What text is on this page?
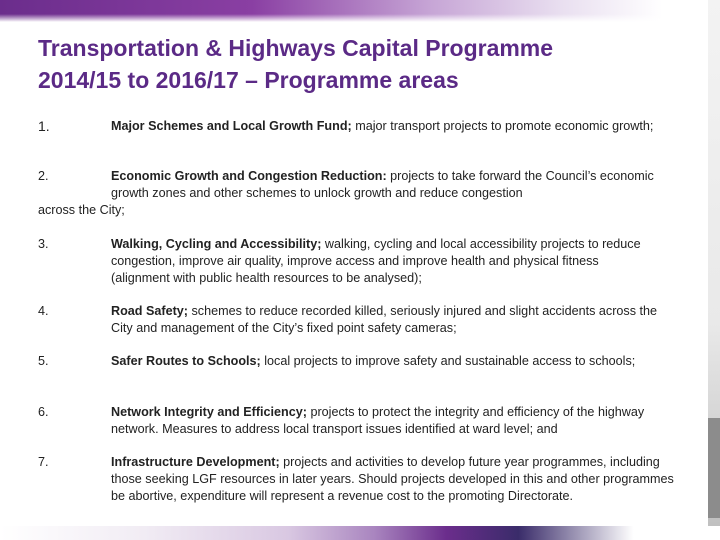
Transportation & Highways Capital Programme
2014/15 to 2016/17 – Programme areas
1.	Major Schemes and Local Growth Fund; major transport projects to promote economic growth;
2.	Economic Growth and Congestion Reduction: projects to take forward the Council’s economic growth zones and other schemes to unlock growth and reduce congestion
across the City;
3.	Walking, Cycling and Accessibility; walking, cycling and local accessibility projects to reduce congestion, improve air quality, improve access and improve health and physical fitness (alignment with public health resources to be analysed);
4.	Road Safety; schemes to reduce recorded killed, seriously injured and slight accidents across the City and management of the City’s fixed point safety cameras;
5.	Safer Routes to Schools; local projects to improve safety and sustainable access to schools;
6.	Network Integrity and Efficiency; projects to protect the integrity and efficiency of the highway network. Measures to address local transport issues identified at ward level; and
7.	Infrastructure Development; projects and activities to develop future year programmes, including those seeking LGF resources in later years. Should projects developed in this and other programmes be abortive, expenditure will represent a revenue cost to the promoting Directorate.
